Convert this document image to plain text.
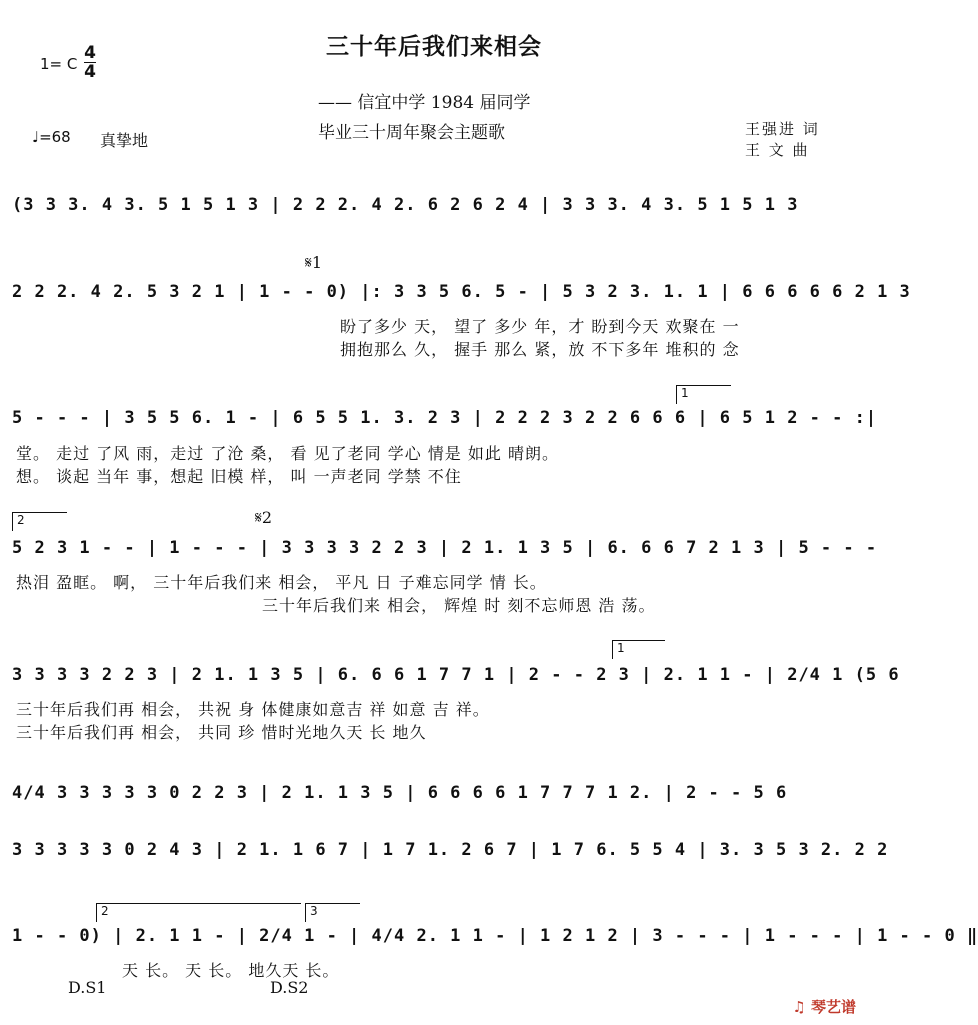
三十年后我们来相会
1= C
4
4
—— 信宜中学 1984 届同学
毕业三十周年聚会主题歌	王强进 词
王 文 曲
♩=68 真挚地
(3 3 3. 4 3. 5 1 5 1 3 | 2 2 2. 4 2. 6 2 6 2 4 | 3 3 3. 4 3. 5 1 5 1 3
𝄋1
2 2 2. 4 2. 5 3 2 1 | 1 - - 0) |: 3 3 5 6. 5 - | 5 3 2 3. 1. 1 | 6 6 6 6 6 2 1 3
盼了多少 天， 望了 多少 年，才 盼到今天 欢聚在 一
拥抱那么 久， 握手 那么 紧，放 不下多年 堆积的 念
1
5 - - - | 3 5 5 6. 1 - | 6 5 5 1. 3. 2 3 | 2 2 2 3 2 2 6 6 6 | 6 5 1 2 - - :|
堂。 走过 了风 雨，走过 了沧 桑， 看 见了老同 学心 情是 如此 晴朗。
想。 谈起 当年 事，想起 旧模 样， 叫 一声老同 学禁 不住
2	𝄋2
5 2 3 1 - - | 1 - - - | 3 3 3 3 2 2 3 | 2 1. 1 3 5 | 6. 6 6 7 2 1 3 | 5 - - -
热泪 盈眶。 啊， 三十年后我们来 相会， 平凡 日 子难忘同学 情 长。
三十年后我们来 相会， 辉煌 时 刻不忘师恩 浩 荡。
1
3 3 3 3 2 2 3 | 2 1. 1 3 5 | 6. 6 6 1 7 7 1 | 2 - - 2 3 | 2. 1 1 - | 2/4 1 (5 6
三十年后我们再 相会， 共祝 身 体健康如意吉 祥 如意 吉 祥。
三十年后我们再 相会， 共同 珍 惜时光地久天 长 地久
4/4 3 3 3 3 3 0 2 2 3 | 2 1. 1 3 5 | 6 6 6 6 1 7 7 7 1 2. | 2 - - 5 6
3 3 3 3 3 0 2 4 3 | 2 1. 1 6 7 | 1 7 1. 2 6 7 | 1 7 6. 5 5 4 | 3. 3 5 3 2. 2 2
2	3
1 - - 0) | 2. 1 1 - | 2/4 1 - | 4/4 2. 1 1 - | 1 2 1 2 | 3 - - - | 1 - - - | 1 - - 0 ‖
天 长。 天 长。 地久天 长。
D.S1	D.S2
♫ 琴艺谱
